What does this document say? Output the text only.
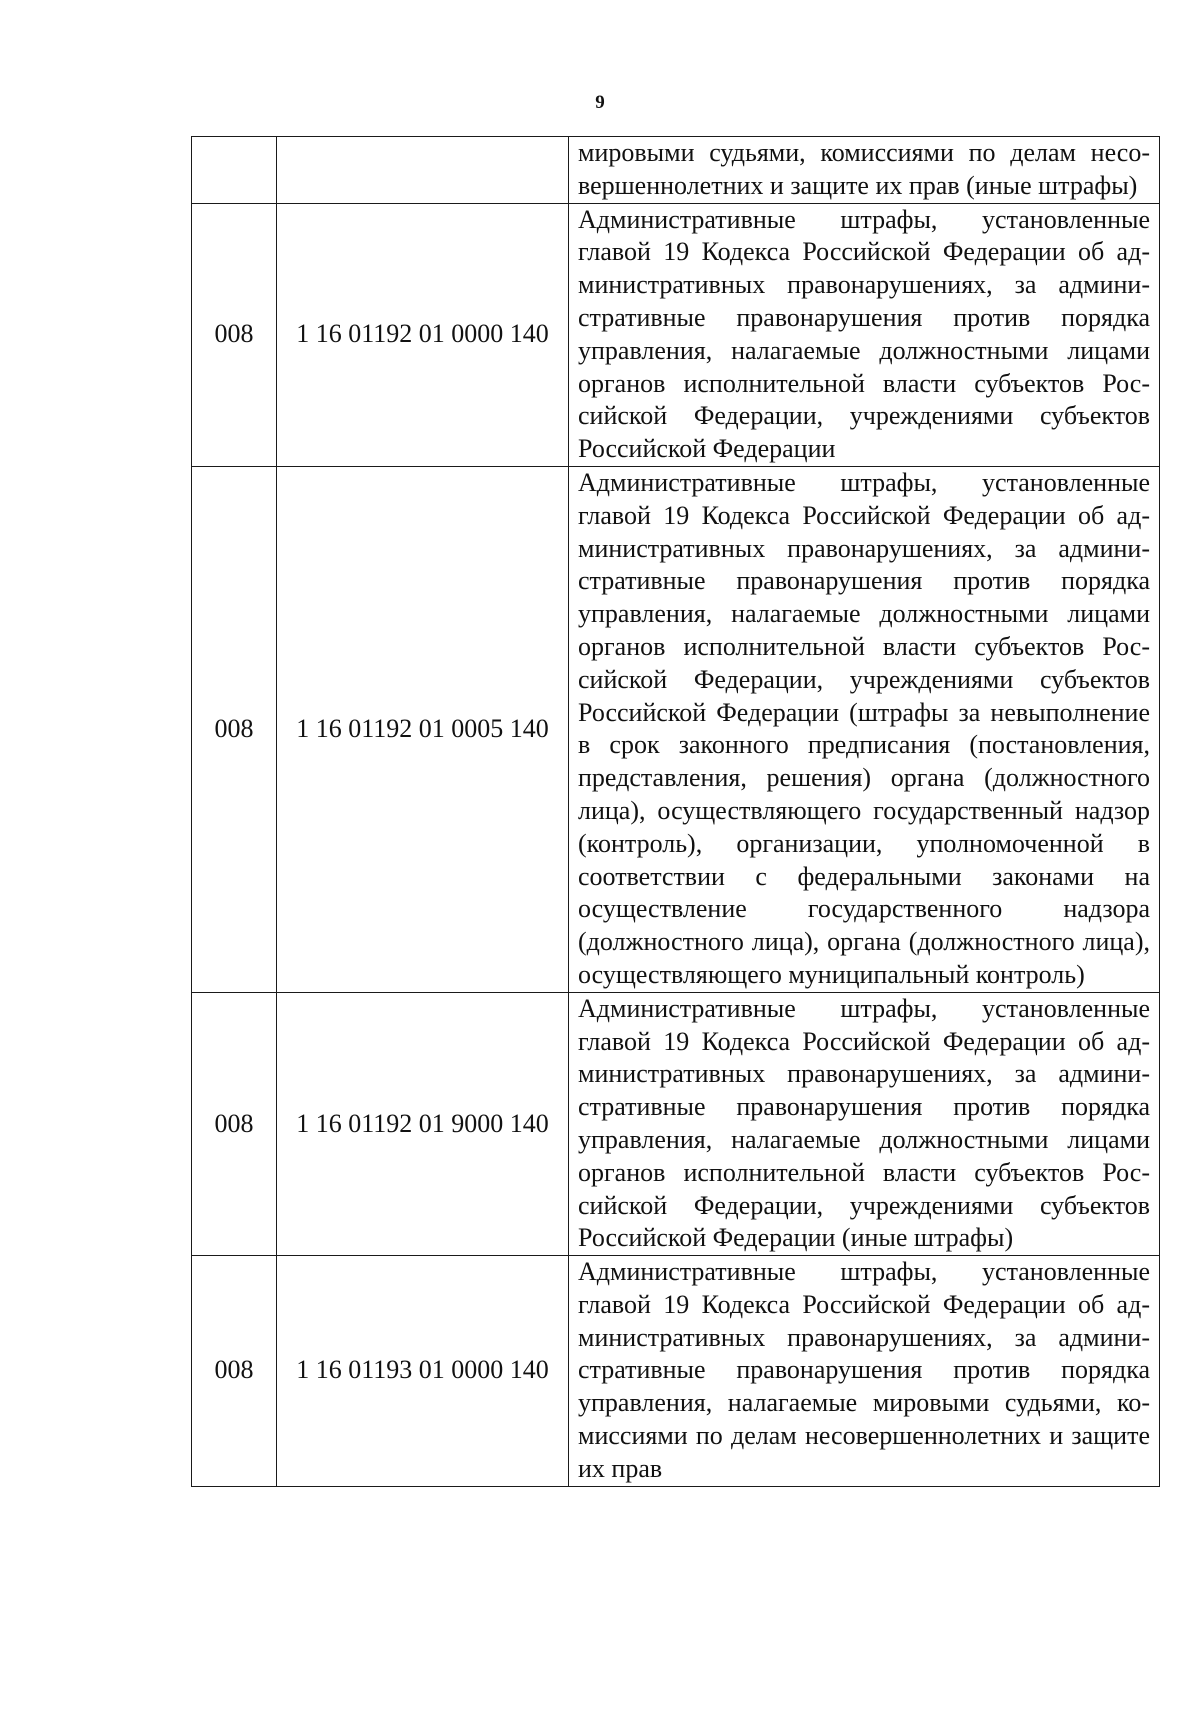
9
		мировыми судьями, комиссиями по делам несовершеннолетних и защите их прав (иные штрафы)
008	1 16 01192 01 0000 140	Административные штрафы, установленные главой 19 Кодекса Российской Федерации об административных правонарушениях, за административные правонарушения против порядка управления, налагаемые должностными лицами органов исполнительной власти субъектов Российской Федерации, учреждениями субъектов Российской Федерации
008	1 16 01192 01 0005 140	Административные штрафы, установленные главой 19 Кодекса Российской Федерации об административных правонарушениях, за административные правонарушения против порядка управления, налагаемые должностными лицами органов исполнительной власти субъектов Российской Федерации, учреждениями субъектов Российской Федерации (штрафы за невыполнение в срок законного предписания (постановления, представления, решения) органа (должностного лица), осуществляющего государственный надзор (контроль), организации, уполномоченной в соответствии с федеральными законами на осуществление государственного надзора (должностного лица), органа (должностного лица), осуществляющего муниципальный контроль)
008	1 16 01192 01 9000 140	Административные штрафы, установленные главой 19 Кодекса Российской Федерации об административных правонарушениях, за административные правонарушения против порядка управления, налагаемые должностными лицами органов исполнительной власти субъектов Российской Федерации, учреждениями субъектов Российской Федерации (иные штрафы)
008	1 16 01193 01 0000 140	Административные штрафы, установленные главой 19 Кодекса Российской Федерации об административных правонарушениях, за административные правонарушения против порядка управления, налагаемые мировыми судьями, комиссиями по делам несовершеннолетних и защите их прав
